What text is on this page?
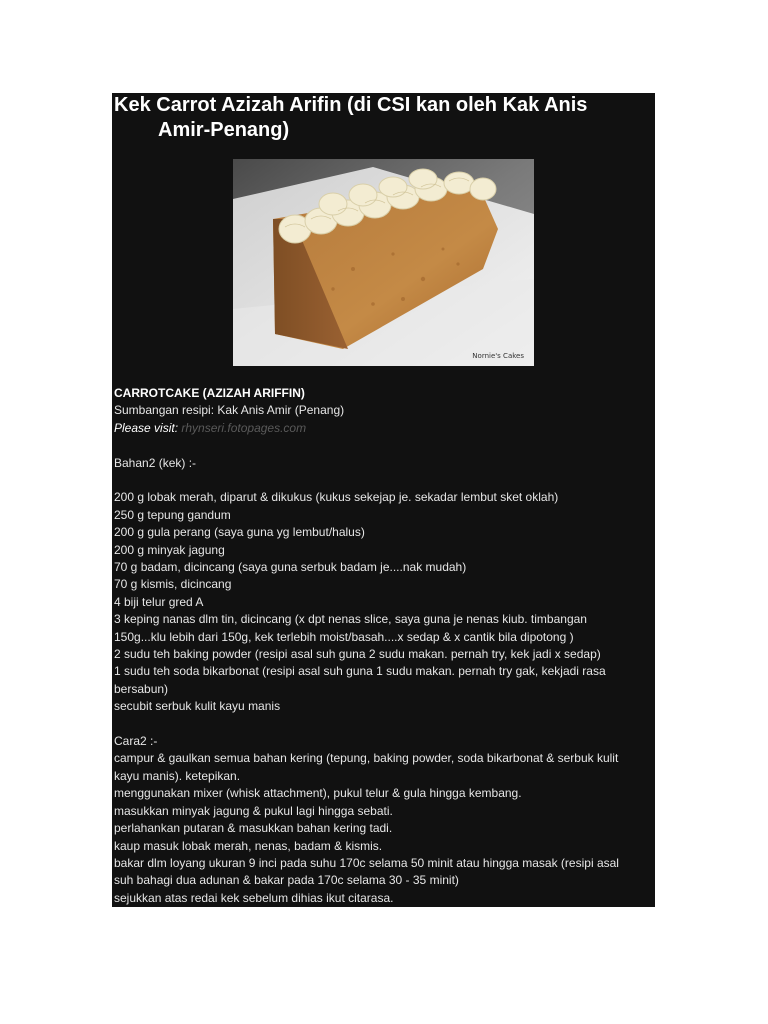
Kek Carrot Azizah Arifin (di CSI kan oleh Kak Anis
Amir-Penang)
Nornie's Cakes
CARROTCAKE (AZIZAH ARIFFIN)
Sumbangan resipi: Kak Anis Amir (Penang)
Please visit: rhynseri.fotopages.com
Bahan2 (kek) :-
200 g lobak merah, diparut & dikukus (kukus sekejap je. sekadar lembut sket oklah)
250 g tepung gandum
200 g gula perang (saya guna yg lembut/halus)
200 g minyak jagung
70 g badam, dicincang (saya guna serbuk badam je....nak mudah)
70 g kismis, dicincang
4 biji telur gred A
3 keping nanas dlm tin, dicincang (x dpt nenas slice, saya guna je nenas kiub. timbangan
150g...klu lebih dari 150g, kek terlebih moist/basah....x sedap & x cantik bila dipotong )
2 sudu teh baking powder (resipi asal suh guna 2 sudu makan. pernah try, kek jadi x sedap)
1 sudu teh soda bikarbonat (resipi asal suh guna 1 sudu makan. pernah try gak, kekjadi rasa
bersabun)
secubit serbuk kulit kayu manis
Cara2 :-
campur & gaulkan semua bahan kering (tepung, baking powder, soda bikarbonat & serbuk kulit
kayu manis). ketepikan.
menggunakan mixer (whisk attachment), pukul telur & gula hingga kembang.
masukkan minyak jagung & pukul lagi hingga sebati.
perlahankan putaran & masukkan bahan kering tadi.
kaup masuk lobak merah, nenas, badam & kismis.
bakar dlm loyang ukuran 9 inci pada suhu 170c selama 50 minit atau hingga masak (resipi asal
suh bahagi dua adunan & bakar pada 170c selama 30 - 35 minit)
sejukkan atas redai kek sebelum dihias ikut citarasa.
